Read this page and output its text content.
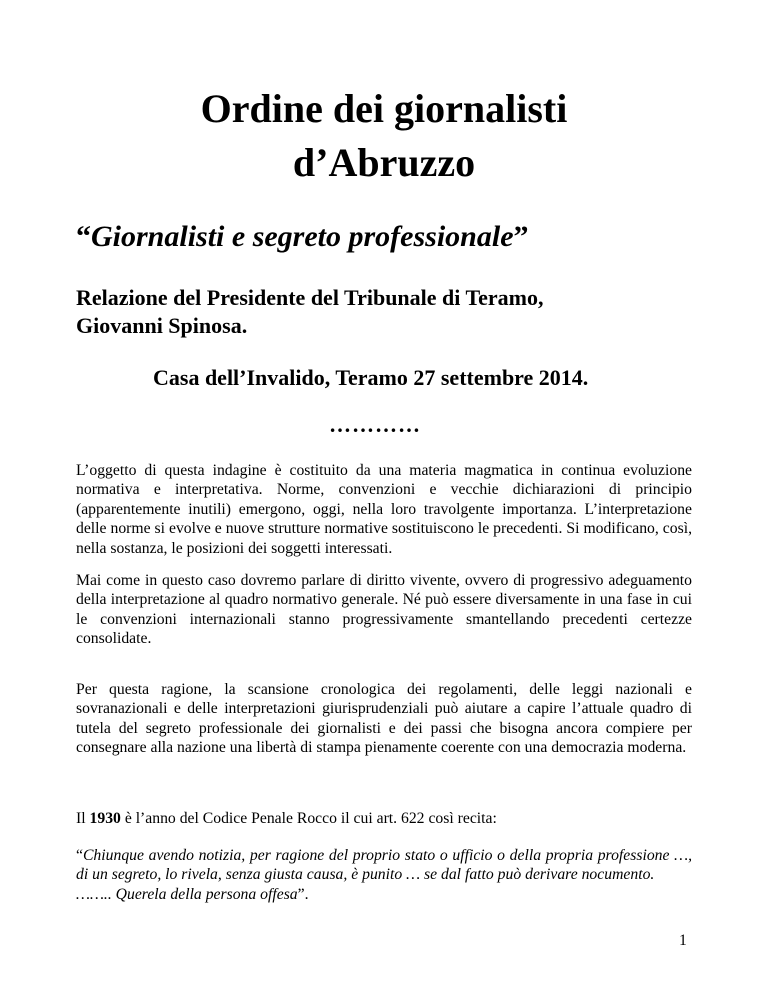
Ordine dei giornalisti
d’Abruzzo
“Giornalisti e segreto professionale”
Relazione del Presidente del Tribunale di Teramo,
Giovanni Spinosa.
Casa dell’Invalido, Teramo 27 settembre 2014.
…………

L’oggetto di questa indagine è costituito da una materia magmatica in continua evoluzione normativa e interpretativa. Norme, convenzioni e vecchie dichiarazioni di principio (apparentemente inutili) emergono, oggi, nella loro travolgente importanza. L’interpretazione delle norme si evolve e nuove strutture normative sostituiscono le precedenti. Si modificano, così, nella sostanza, le posizioni dei soggetti interessati.

Mai come in questo caso dovremo parlare di diritto vivente, ovvero di progressivo adeguamento della interpretazione al quadro normativo generale. Né può essere diversamente in una fase in cui le convenzioni internazionali stanno progressivamente smantellando precedenti certezze consolidate.

Per questa ragione, la scansione cronologica dei regolamenti, delle leggi nazionali e sovranazionali e delle interpretazioni giurisprudenziali può aiutare a capire l’attuale quadro di tutela del segreto professionale dei giornalisti e dei passi che bisogna ancora compiere per consegnare alla nazione una libertà di stampa pienamente coerente con una democrazia moderna.

Il 1930 è l’anno del Codice Penale Rocco il cui art. 622 così recita:

“Chiunque avendo notizia, per ragione del proprio stato o ufficio o della propria professione …, di un segreto, lo rivela, senza giusta causa, è punito … se dal fatto può derivare nocumento.

…….. Querela della persona offesa”.

1
